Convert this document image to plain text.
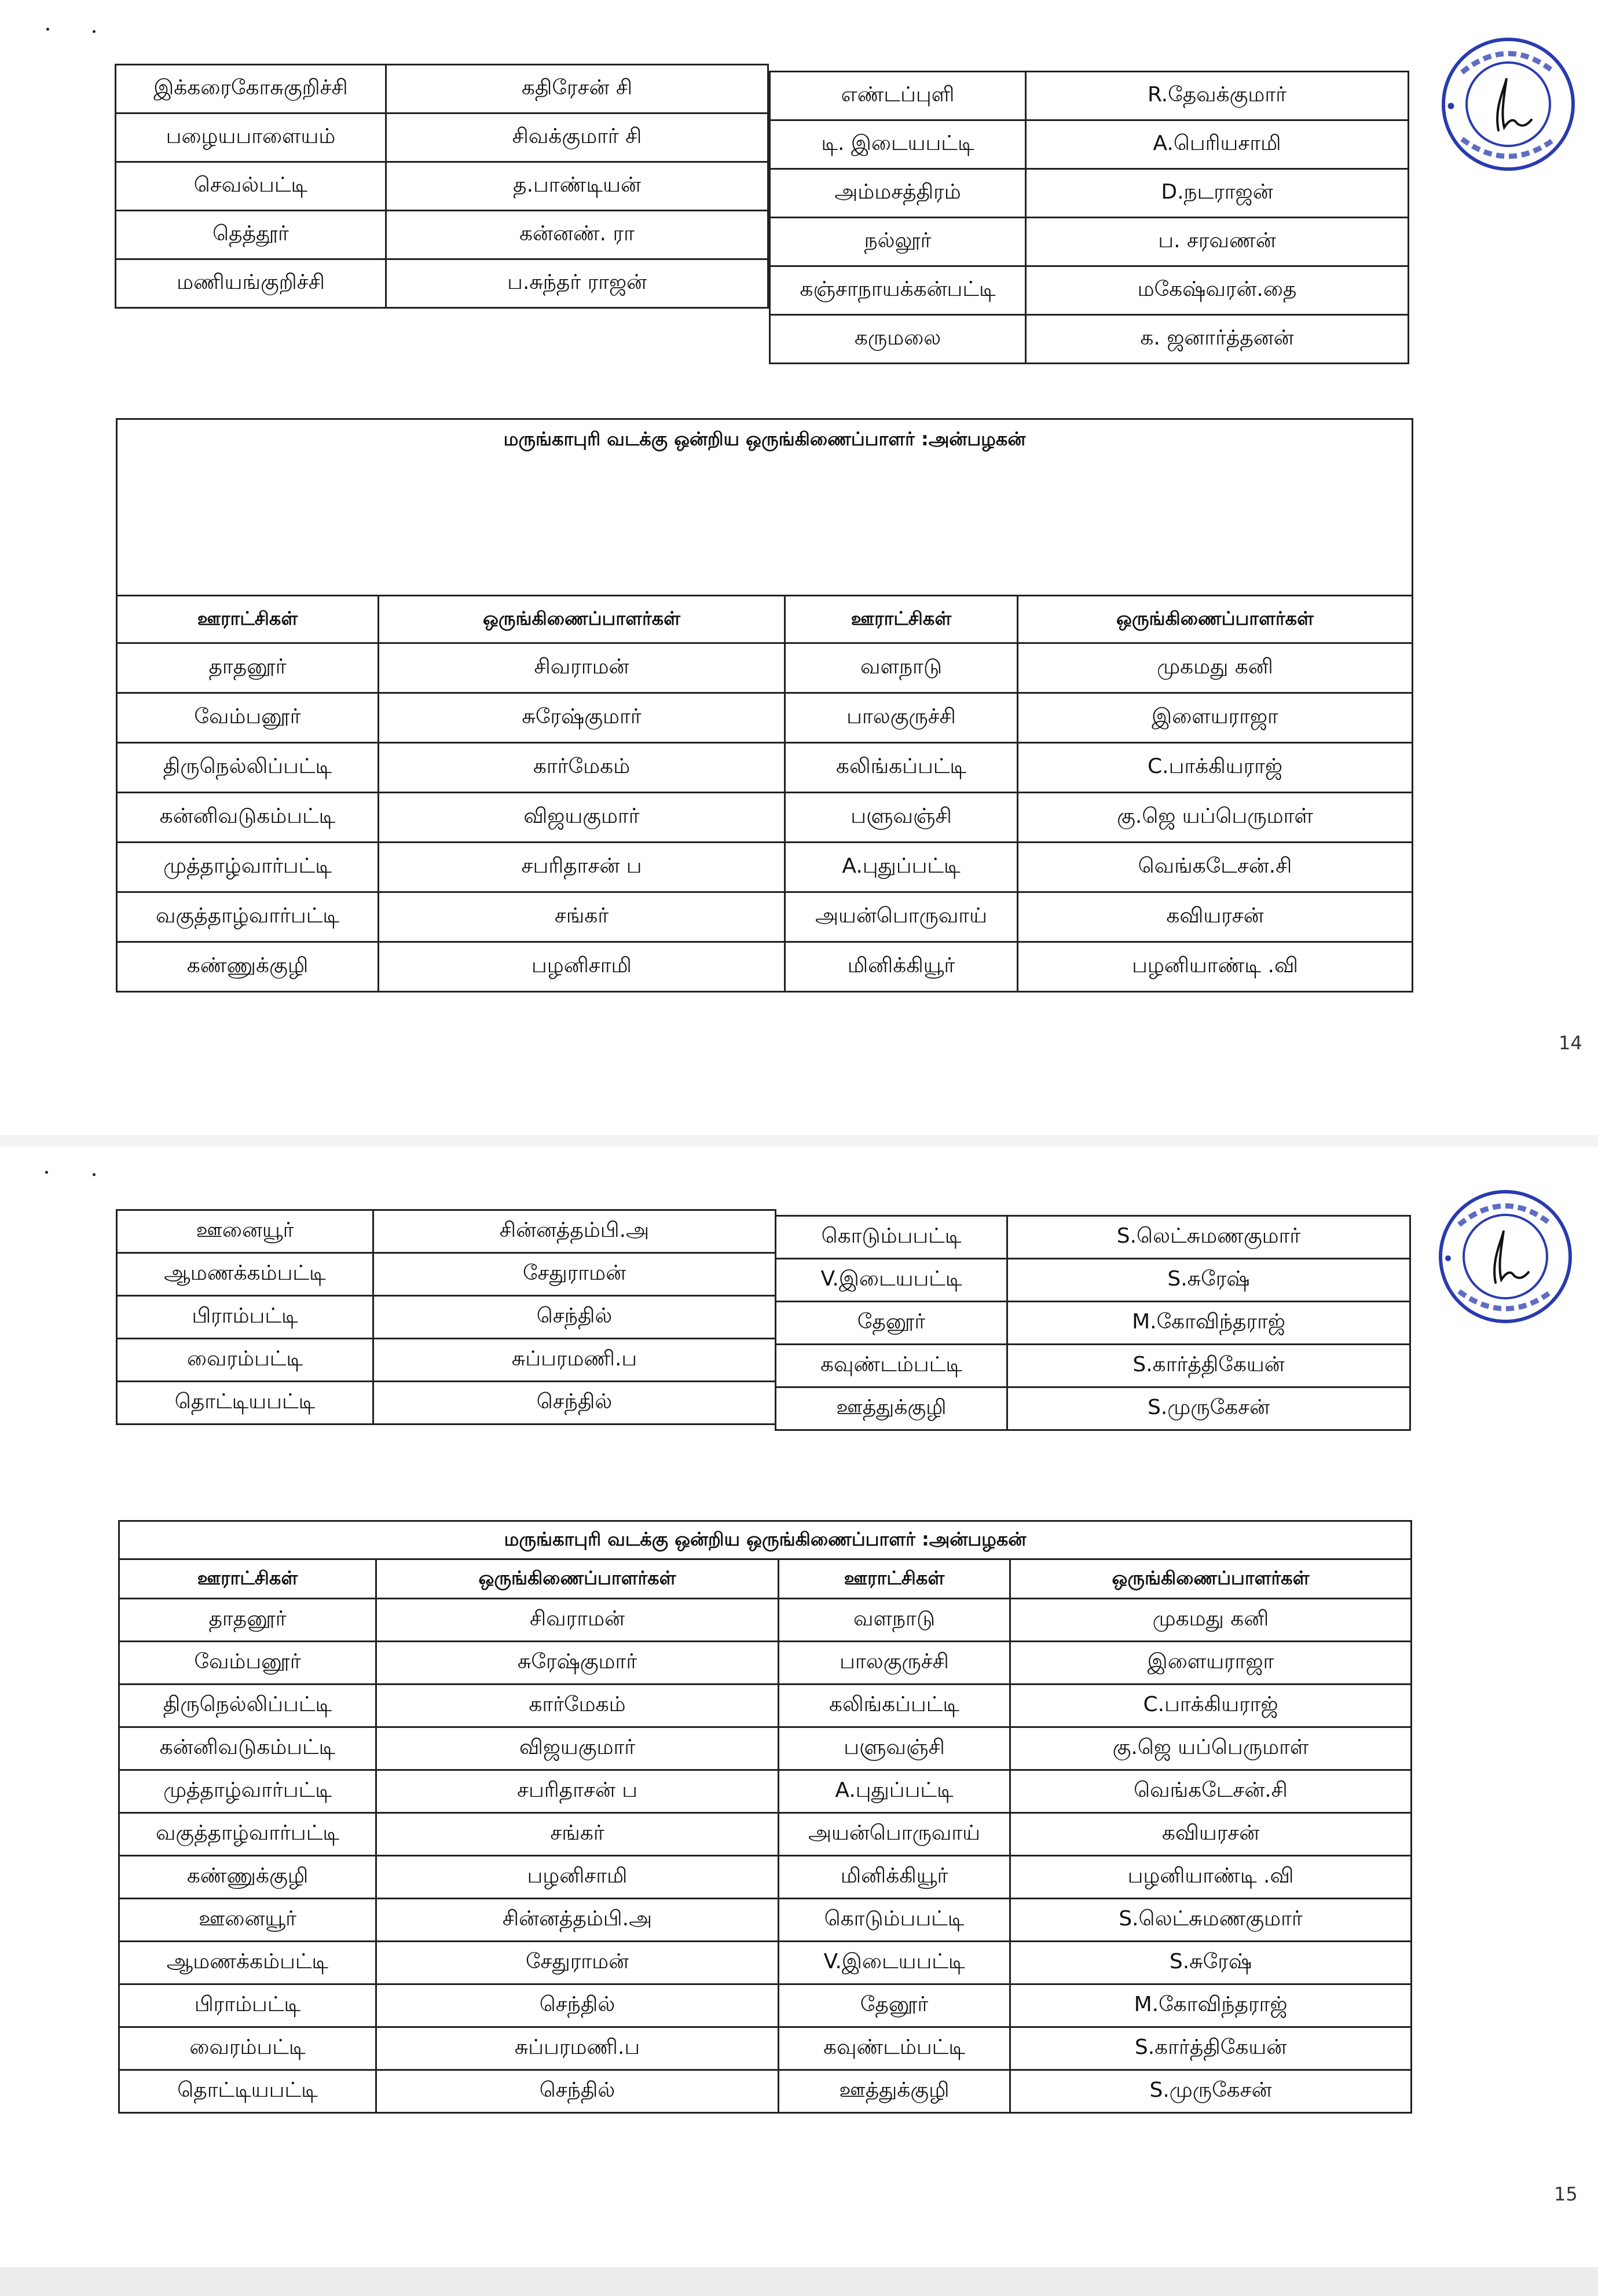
இக்கரைகோசுகுறிச்சி	கதிரேசன் சி
பழையபாளையம்	சிவக்குமார் சி
செவல்பட்டி	த.பாண்டியன்
தெத்தூர்	கன்னண். ரா
மணியங்குறிச்சி	ப.சுந்தர் ராஜன்
எண்டப்புளி	R.தேவக்குமார்
டி. இடையபட்டி	A.பெரியசாமி
அம்மசத்திரம்	D.நடராஜன்
நல்லூர்	ப. சரவணன்
கஞ்சாநாயக்கன்பட்டி	மகேஷ்வரன்.தை
கருமலை	க. ஜனார்த்தனன்
மருங்காபுரி வடக்கு ஒன்றிய ஒருங்கிணைப்பாளர் :அன்பழகன்			
ஊராட்சிகள்	ஒருங்கிணைப்பாளர்கள்	ஊராட்சிகள்	ஒருங்கிணைப்பாளர்கள்
தாதனூர்	சிவராமன்	வளநாடு	முகமது கனி
வேம்பனூர்	சுரேஷ்குமார்	பாலகுருச்சி	இளையராஜா
திருநெல்லிப்பட்டி	கார்மேகம்	கலிங்கப்பட்டி	C.பாக்கியராஜ்
கன்னிவடுகம்பட்டி	விஜயகுமார்	பளுவஞ்சி	கு.ஜெ யப்பெருமாள்
முத்தாழ்வார்பட்டி	சபரிதாசன் ப	A.புதுப்பட்டி	வெங்கடேசன்.சி
வகுத்தாழ்வார்பட்டி	சங்கர்	அயன்பொருவாய்	கவியரசன்
கண்ணுக்குழி	பழனிசாமி	மினிக்கியூர்	பழனியாண்டி .வி
14
ஊனையூர்	சின்னத்தம்பி.அ
ஆமணக்கம்பட்டி	சேதுராமன்
பிராம்பட்டி	செந்தில்
வைரம்பட்டி	சுப்பரமணி.ப
தொட்டியபட்டி	செந்தில்
கொடும்பபட்டி	S.லெட்சுமணகுமார்
V.இடையபட்டி	S.சுரேஷ்
தேனூர்	M.கோவிந்தராஜ்
கவுண்டம்பட்டி	S.கார்த்திகேயன்
ஊத்துக்குழி	S.முருகேசன்
மருங்காபுரி வடக்கு ஒன்றிய ஒருங்கிணைப்பாளர் :அன்பழகன்			
ஊராட்சிகள்	ஒருங்கிணைப்பாளர்கள்	ஊராட்சிகள்	ஒருங்கிணைப்பாளர்கள்
தாதனூர்	சிவராமன்	வளநாடு	முகமது கனி
வேம்பனூர்	சுரேஷ்குமார்	பாலகுருச்சி	இளையராஜா
திருநெல்லிப்பட்டி	கார்மேகம்	கலிங்கப்பட்டி	C.பாக்கியராஜ்
கன்னிவடுகம்பட்டி	விஜயகுமார்	பளுவஞ்சி	கு.ஜெ யப்பெருமாள்
முத்தாழ்வார்பட்டி	சபரிதாசன் ப	A.புதுப்பட்டி	வெங்கடேசன்.சி
வகுத்தாழ்வார்பட்டி	சங்கர்	அயன்பொருவாய்	கவியரசன்
கண்ணுக்குழி	பழனிசாமி	மினிக்கியூர்	பழனியாண்டி .வி
ஊனையூர்	சின்னத்தம்பி.அ	கொடும்பபட்டி	S.லெட்சுமணகுமார்
ஆமணக்கம்பட்டி	சேதுராமன்	V.இடையபட்டி	S.சுரேஷ்
பிராம்பட்டி	செந்தில்	தேனூர்	M.கோவிந்தராஜ்
வைரம்பட்டி	சுப்பரமணி.ப	கவுண்டம்பட்டி	S.கார்த்திகேயன்
தொட்டியபட்டி	செந்தில்	ஊத்துக்குழி	S.முருகேசன்
15
